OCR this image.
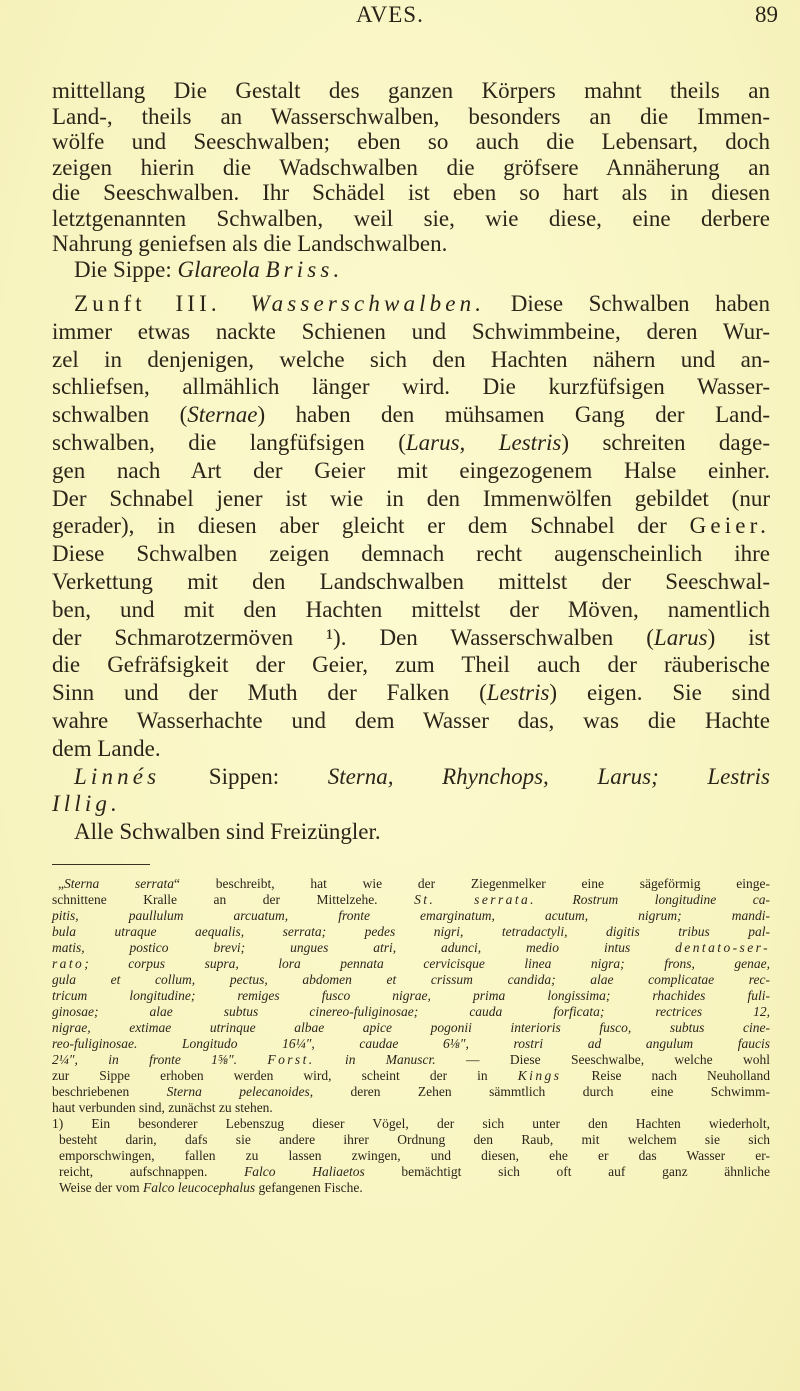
AVES.	89
mittellang Die Gestalt des ganzen Körpers mahnt theils an
Land-, theils an Wasserschwalben, besonders an die Immen-
wölfe und Seeschwalben; eben so auch die Lebensart, doch
zeigen hierin die Wadschwalben die gröfsere Annäherung an
die Seeschwalben. Ihr Schädel ist eben so hart als in diesen
letztgenannten Schwalben, weil sie, wie diese, eine derbere
Nahrung geniefsen als die Landschwalben.
Die Sippe: Glareola Briss.
Zunft III. Wasserschwalben. Diese Schwalben haben
immer etwas nackte Schienen und Schwimmbeine, deren Wur-
zel in denjenigen, welche sich den Hachten nähern und an-
schliefsen, allmählich länger wird. Die kurzfüfsigen Wasser-
schwalben (Sternae) haben den mühsamen Gang der Land-
schwalben, die langfüfsigen (Larus, Lestris) schreiten dage-
gen nach Art der Geier mit eingezogenem Halse einher.
Der Schnabel jener ist wie in den Immenwölfen gebildet (nur
gerader), in diesen aber gleicht er dem Schnabel der Geier.
Diese Schwalben zeigen demnach recht augenscheinlich ihre
Verkettung mit den Landschwalben mittelst der Seeschwal-
ben, und mit den Hachten mittelst der Möven, namentlich
der Schmarotzermöven ¹). Den Wasserschwalben (Larus) ist
die Gefräfsigkeit der Geier, zum Theil auch der räuberische
Sinn und der Muth der Falken (Lestris) eigen. Sie sind
wahre Wasserhachte und dem Wasser das, was die Hachte
dem Lande.
Linnés Sippen: Sterna, Rhynchops, Larus; Lestris
Illig.
Alle Schwalben sind Freizüngler.
„Sterna serrata“ beschreibt, hat wie der Ziegenmelker eine sägeförmig einge-
schnittene Kralle an der Mittelzehe. St. serrata. Rostrum longitudine ca-
pitis, paullulum arcuatum, fronte emarginatum, acutum, nigrum; mandi-
bula utraque aequalis, serrata; pedes nigri, tetradactyli, digitis tribus pal-
matis, postico brevi; ungues atri, adunci, medio intus dentato-ser-
rato; corpus supra, lora pennata cervicisque linea nigra; frons, genae,
gula et collum, pectus, abdomen et crissum candida; alae complicatae rec-
tricum longitudine; remiges fusco nigrae, prima longissima; rhachides fuli-
ginosae; alae subtus cinereo-fuliginosae; cauda forficata; rectrices 12,
nigrae, extimae utrinque albae apice pogonii interioris fusco, subtus cine-
reo-fuliginosae. Longitudo 16¼″, caudae 6⅛″, rostri ad angulum faucis
2¼″, in fronte 1⅝″. Forst. in Manuscr. — Diese Seeschwalbe, welche wohl
zur Sippe erhoben werden wird, scheint der in Kings Reise nach Neuholland
beschriebenen Sterna pelecanoides, deren Zehen sämmtlich durch eine Schwimm-
haut verbunden sind, zunächst zu stehen.
1) Ein besonderer Lebenszug dieser Vögel, der sich unter den Hachten wiederholt,
besteht darin, dafs sie andere ihrer Ordnung den Raub, mit welchem sie sich
emporschwingen, fallen zu lassen zwingen, und diesen, ehe er das Wasser er-
reicht, aufschnappen. Falco Haliaetos bemächtigt sich oft auf ganz ähnliche
Weise der vom Falco leucocephalus gefangenen Fische.
